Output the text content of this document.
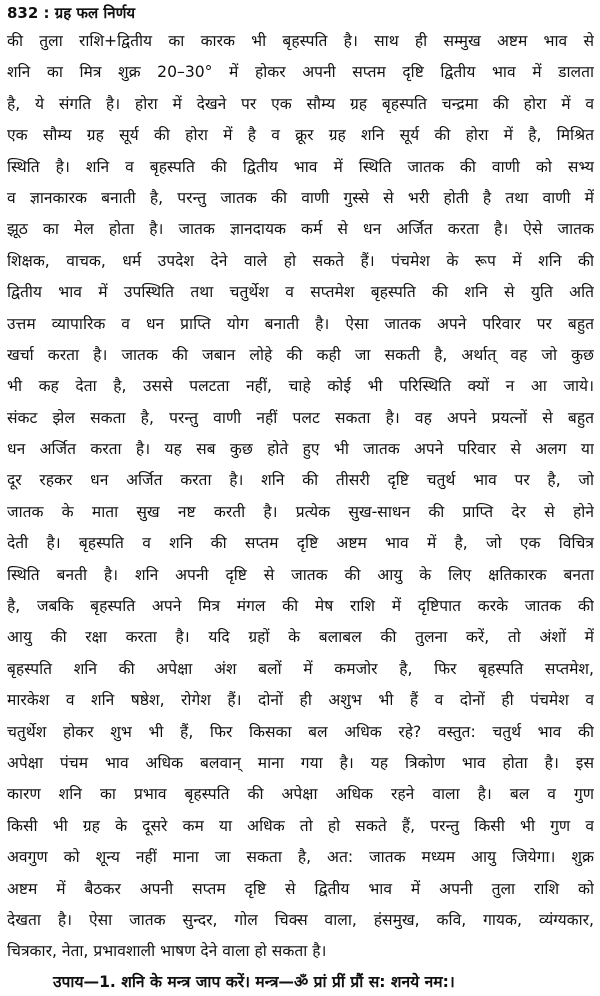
832 : ग्रह फल निर्णय
की तुला राशि+द्वितीय का कारक भी बृहस्पति है। साथ ही सम्मुख अष्टम भाव से
शनि का मित्र शुक्र 20–30° में होकर अपनी सप्तम दृष्टि द्वितीय भाव में डालता
है, ये संगति है। होरा में देखने पर एक सौम्य ग्रह बृहस्पति चन्द्रमा की होरा में व
एक सौम्य ग्रह सूर्य की होरा में है व क्रूर ग्रह शनि सूर्य की होरा में है, मिश्रित
स्थिति है। शनि व बृहस्पति की द्वितीय भाव में स्थिति जातक की वाणी को सभ्य
व ज्ञानकारक बनाती है, परन्तु जातक की वाणी गुस्से से भरी होती है तथा वाणी में
झूठ का मेल होता है। जातक ज्ञानदायक कर्म से धन अर्जित करता है। ऐसे जातक
शिक्षक, वाचक, धर्म उपदेश देने वाले हो सकते हैं। पंचमेश के रूप में शनि की
द्वितीय भाव में उपस्थिति तथा चतुर्थेश व सप्तमेश बृहस्पति की शनि से युति अति
उत्तम व्यापारिक व धन प्राप्ति योग बनाती है। ऐसा जातक अपने परिवार पर बहुत
खर्चा करता है। जातक की जबान लोहे की कही जा सकती है, अर्थात् वह जो कुछ
भी कह देता है, उससे पलटता नहीं, चाहे कोई भी परिस्थिति क्यों न आ जाये।
संकट झेल सकता है, परन्तु वाणी नहीं पलट सकता है। वह अपने प्रयत्नों से बहुत
धन अर्जित करता है। यह सब कुछ होते हुए भी जातक अपने परिवार से अलग या
दूर रहकर धन अर्जित करता है। शनि की तीसरी दृष्टि चतुर्थ भाव पर है, जो
जातक के माता सुख नष्ट करती है। प्रत्येक सुख-साधन की प्राप्ति देर से होने
देती है। बृहस्पति व शनि की सप्तम दृष्टि अष्टम भाव में है, जो एक विचित्र
स्थिति बनती है। शनि अपनी दृष्टि से जातक की आयु के लिए क्षतिकारक बनता
है, जबकि बृहस्पति अपने मित्र मंगल की मेष राशि में दृष्टिपात करके जातक की
आयु की रक्षा करता है। यदि ग्रहों के बलाबल की तुलना करें, तो अंशों में
बृहस्पति शनि की अपेक्षा अंश बलों में कमजोर है, फिर बृहस्पति सप्तमेश,
मारकेश व शनि षष्ठेश, रोगेश हैं। दोनों ही अशुभ भी हैं व दोनों ही पंचमेश व
चतुर्थेश होकर शुभ भी हैं, फिर किसका बल अधिक रहे? वस्तुत: चतुर्थ भाव की
अपेक्षा पंचम भाव अधिक बलवान् माना गया है। यह त्रिकोण भाव होता है। इस
कारण शनि का प्रभाव बृहस्पति की अपेक्षा अधिक रहने वाला है। बल व गुण
किसी भी ग्रह के दूसरे कम या अधिक तो हो सकते हैं, परन्तु किसी भी गुण व
अवगुण को शून्य नहीं माना जा सकता है, अत: जातक मध्यम आयु जियेगा। शुक्र
अष्टम में बैठकर अपनी सप्तम दृष्टि से द्वितीय भाव में अपनी तुला राशि को
देखता है। ऐसा जातक सुन्दर, गोल चिक्स वाला, हंसमुख, कवि, गायक, व्यंग्यकार,
चित्रकार, नेता, प्रभावशाली भाषण देने वाला हो सकता है।
उपाय—1. शनि के मन्त्र जाप करें। मन्त्र—ॐ प्रां प्रीं प्रौं स: शनये नम:।
